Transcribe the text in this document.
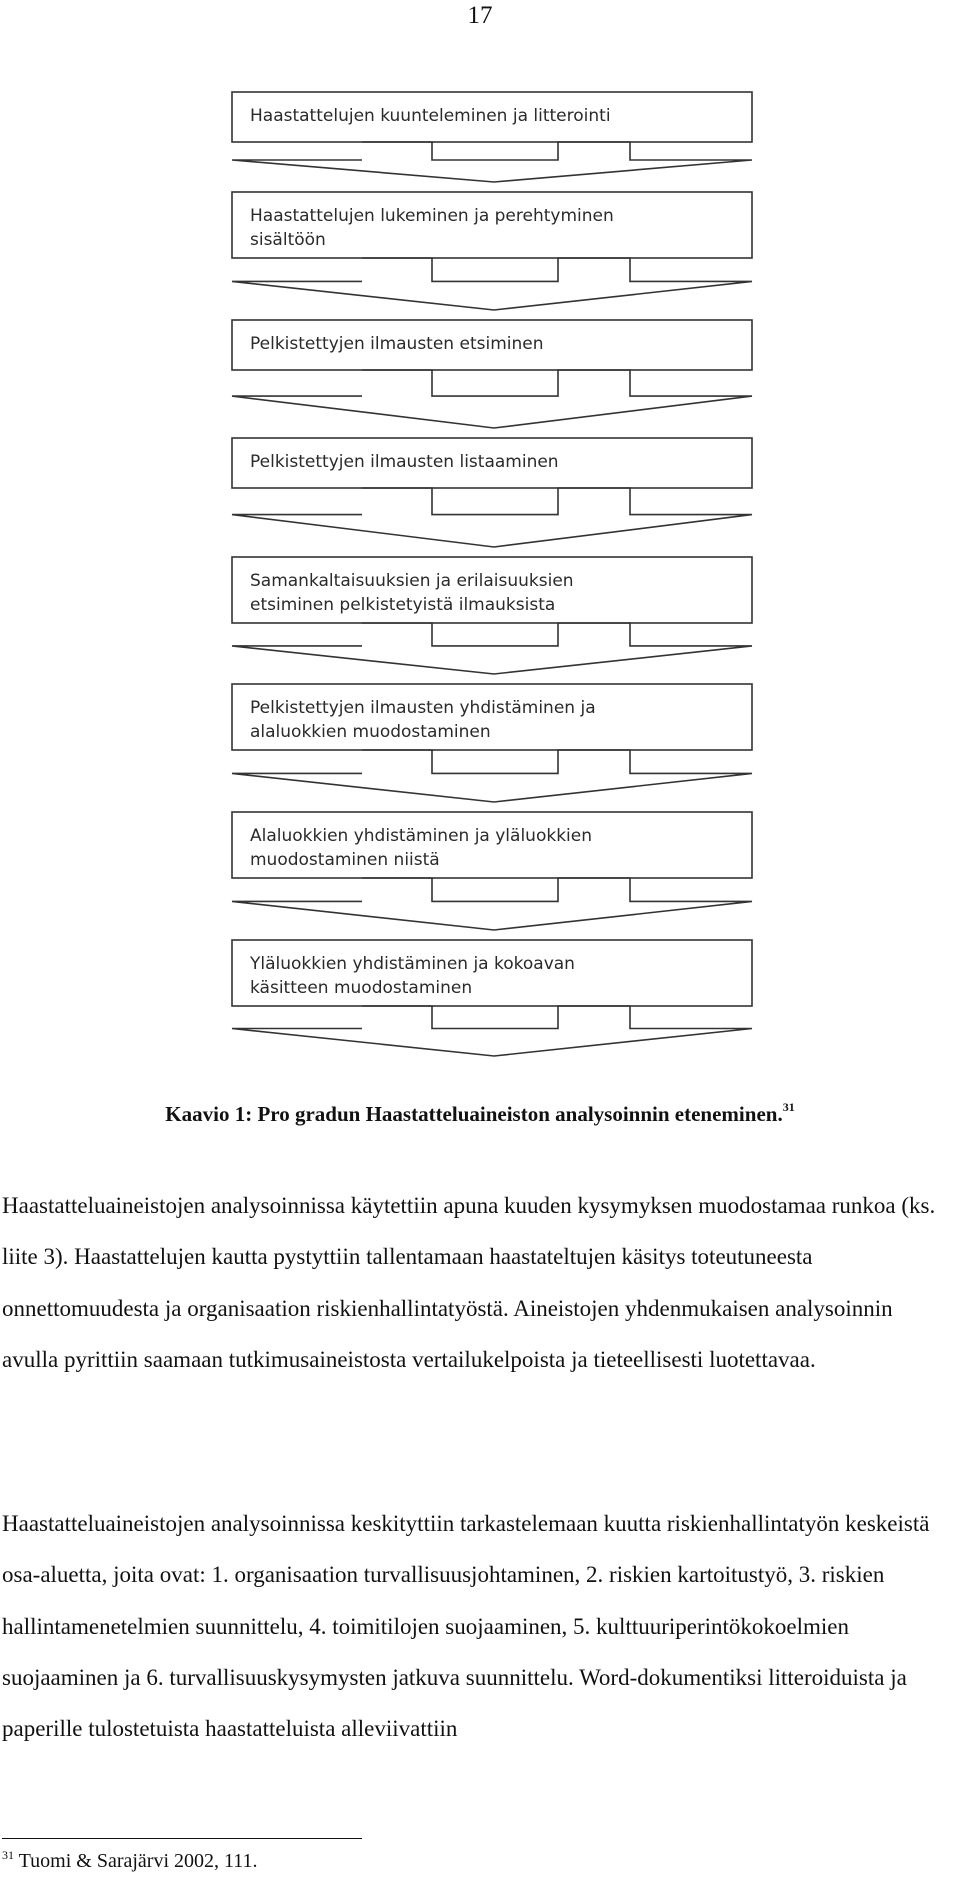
17
Haastattelujen kuunteleminen ja litterointi
Haastattelujen lukeminen ja perehtyminen
sisältöön
Pelkistettyjen ilmausten etsiminen
Pelkistettyjen ilmausten listaaminen
Samankaltaisuuksien ja erilaisuuksien
etsiminen pelkistetyistä ilmauksista
Pelkistettyjen ilmausten yhdistäminen ja
alaluokkien muodostaminen
Alaluokkien yhdistäminen ja yläluokkien
muodostaminen niistä
Yläluokkien yhdistäminen ja kokoavan
käsitteen muodostaminen
Kaavio 1: Pro gradun Haastatteluaineiston analysoinnin eteneminen.$^{31}$

Haastatteluaineistojen analysoinnissa käytettiin apuna kuuden kysymyksen muodostamaa runkoa (ks. liite 3). Haastattelujen kautta pystyttiin tallentamaan haastateltujen käsitys toteutuneesta onnettomuudesta ja organisaation riskienhallintatyöstä. Aineistojen yhdenmukaisen analysoinnin avulla pyrittiin saamaan tutkimusaineistosta vertailukelpoista ja tieteellisesti luotettavaa.

Haastatteluaineistojen analysoinnissa keskityttiin tarkastelemaan kuutta riskienhallintatyön keskeistä osa-aluetta, joita ovat: 1. organisaation turvallisuusjohtaminen, 2. riskien kartoitustyö, 3. riskien hallintamenetelmien suunnittelu, 4. toimitilojen suojaaminen, 5. kulttuuriperintökokoelmien suojaaminen ja 6. turvallisuuskysymysten jatkuva suunnittelu. Word-dokumentiksi litteroiduista ja paperille tulostetuista haastatteluista alleviivattiin

$^{31}$ Tuomi & Sarajärvi 2002, 111.
